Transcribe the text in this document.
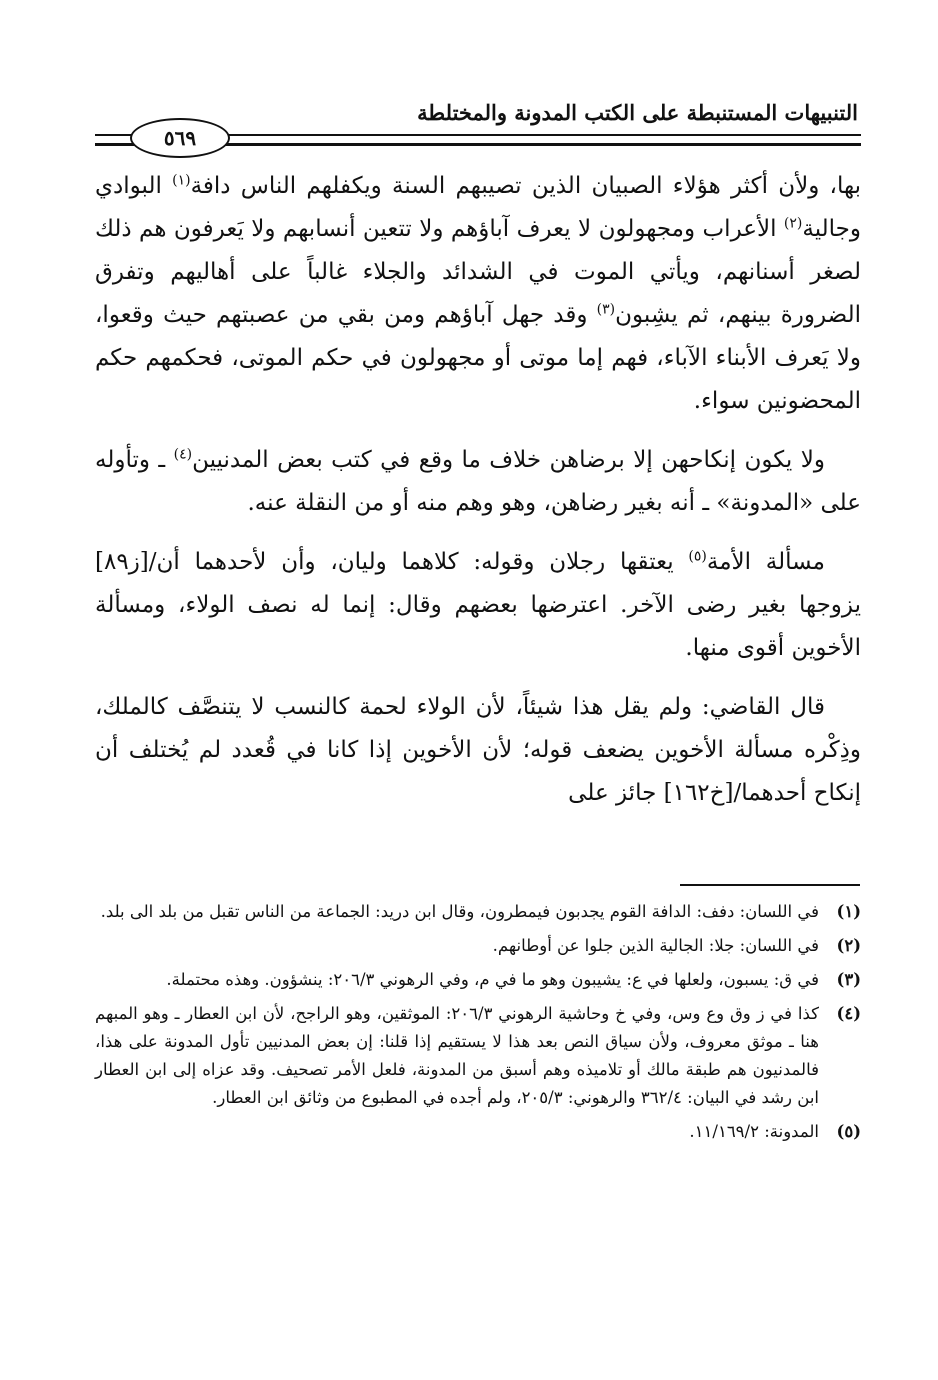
التنبيهات المستنبطة على الكتب المدونة والمختلطة
٥٦٩

بها، ولأن أكثر هؤلاء الصبيان الذين تصيبهم السنة ويكفلهم الناس دافة$^{(١)}$ البوادي وجالية$^{(٢)}$ الأعراب ومجهولون لا يعرف آباؤهم ولا تتعين أنسابهم ولا يَعرفون هم ذلك لصغر أسنانهم، ويأتي الموت في الشدائد والجلاء غالباً على أهاليهم وتفرق الضرورة بينهم، ثم يشِبون$^{(٣)}$ وقد جهل آباؤهم ومن بقي من عصبتهم حيث وقعوا، ولا يَعرف الأبناء الآباء، فهم إما موتى أو مجهولون في حكم الموتى، فحكمهم حكم المحضونين سواء.

ولا يكون إنكاحهن إلا برضاهن خلاف ما وقع في كتب بعض المدنيين$^{(٤)}$ ـ وتأوله على «المدونة» ـ أنه بغير رضاهن، وهو وهم منه أو من النقلة عنه.

مسألة الأمة$^{(٥)}$ يعتقها رجلان وقوله: كلاهما وليان، وأن لأحدهما أن/[ز٨٩] يزوجها بغير رضى الآخر. اعترضها بعضهم وقال: إنما له نصف الولاء، ومسألة الأخوين أقوى منها.

قال القاضي: ولم يقل هذا شيئاً، لأن الولاء لحمة كالنسب لا يتنصَّف كالملك، وذِكْره مسألة الأخوين يضعف قوله؛ لأن الأخوين إذا كانا في قُعدد لم يُختلف أن إنكاح أحدهما/[خ١٦٢] جائز على

(١)
في اللسان: دفف: الدافة القوم يجدبون فيمطرون، وقال ابن دريد: الجماعة من الناس تقبل من بلد الى بلد.
(٢)
في اللسان: جلا: الجالية الذين جلوا عن أوطانهم.
(٣)
في ق: يسبون، ولعلها في ع: يشيبون وهو ما في م، وفي الرهوني ٢٠٦/٣: ينشؤون. وهذه محتملة.
(٤)
كذا في ز وق وع وس، وفي خ وحاشية الرهوني ٢٠٦/٣: الموثقين، وهو الراجح، لأن ابن العطار ـ وهو المبهم هنا ـ موثق معروف، ولأن سياق النص بعد هذا لا يستقيم إذا قلنا: إن بعض المدنيين تأول المدونة على هذا، فالمدنيون هم طبقة مالك أو تلاميذه وهم أسبق من المدونة، فلعل الأمر تصحيف. وقد عزاه إلى ابن العطار ابن رشد في البيان: ٣٦٢/٤ والرهوني: ٢٠٥/٣، ولم أجده في المطبوع من وثائق ابن العطار.
(٥)
المدونة: ١١/١٦٩/٢.
